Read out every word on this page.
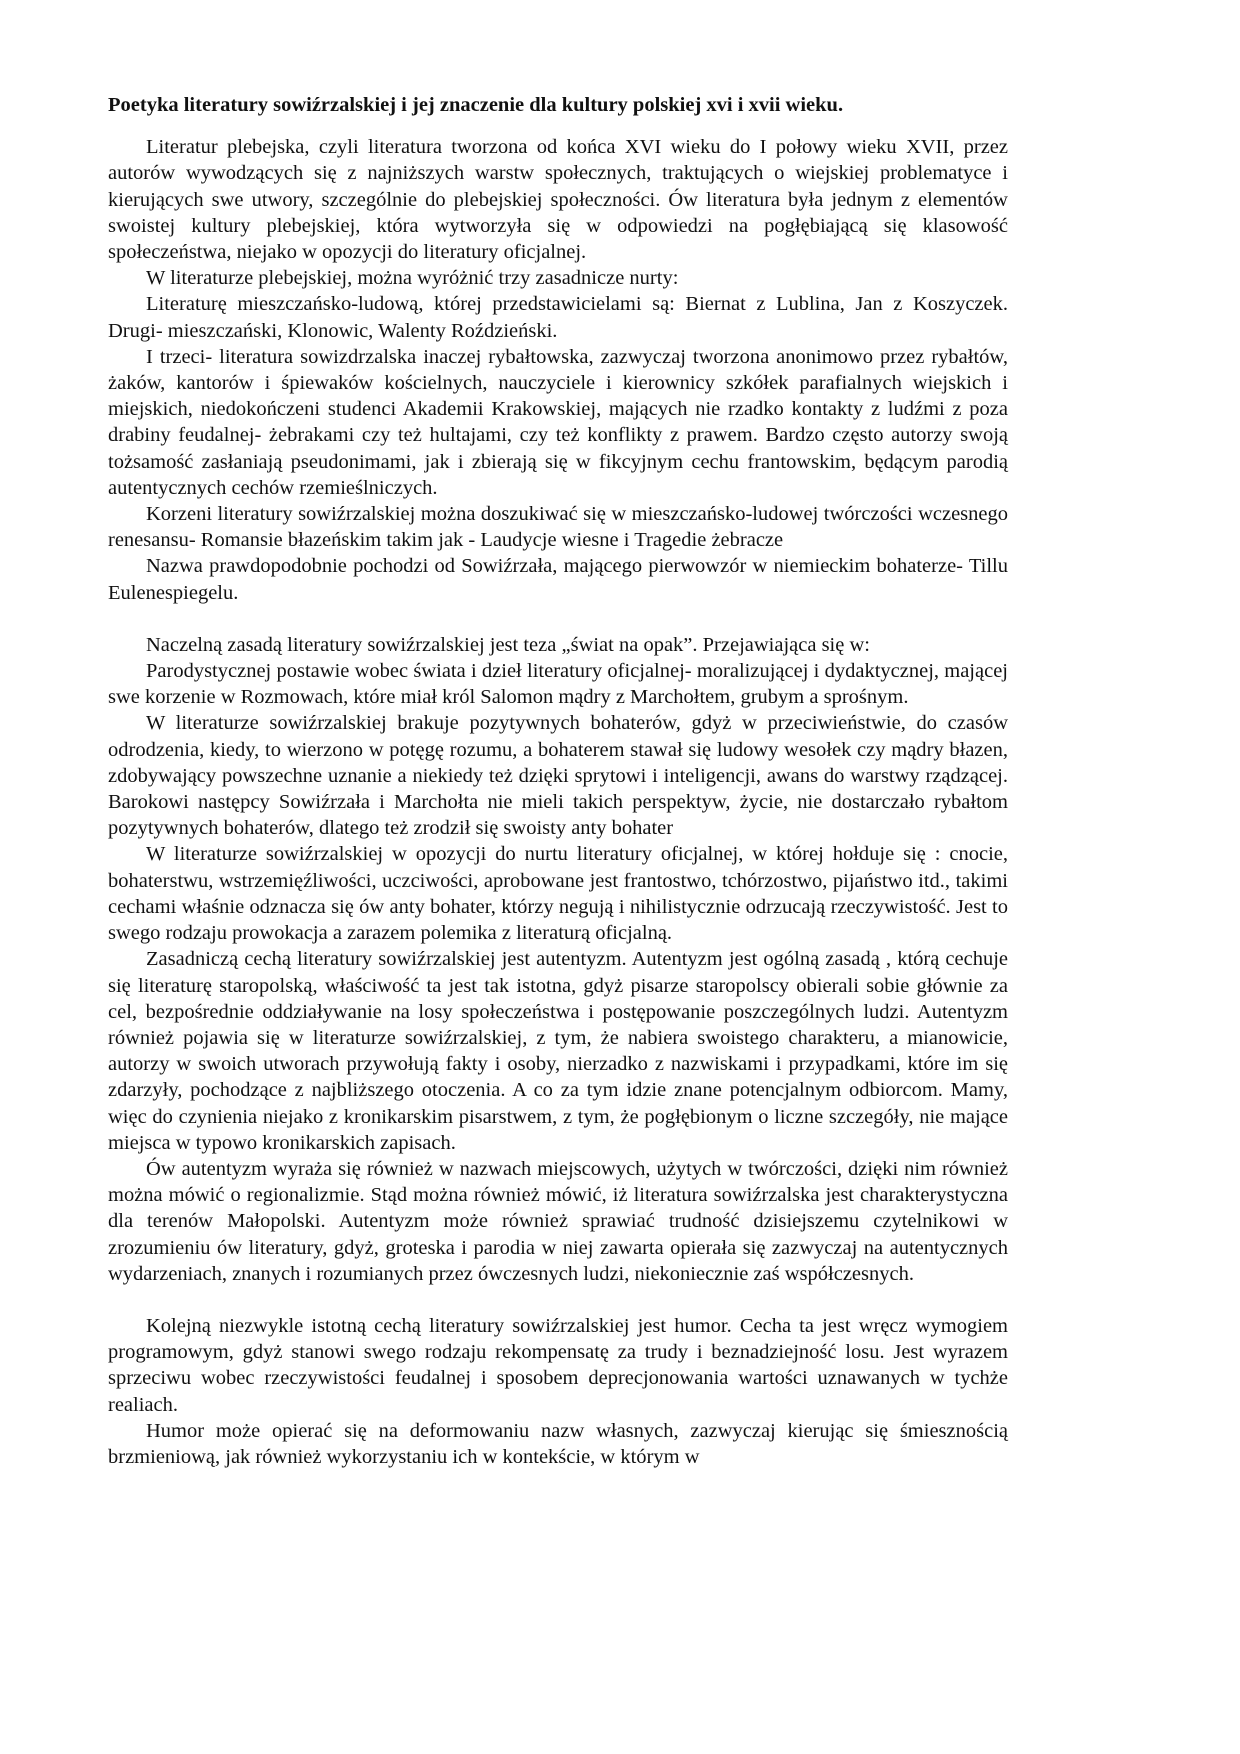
Poetyka literatury sowiźrzalskiej i jej znaczenie dla kultury polskiej xvi i xvii wieku.

Literatur plebejska, czyli literatura tworzona od końca XVI wieku do I połowy wieku XVII, przez autorów wywodzących się z najniższych warstw społecznych, traktujących o wiejskiej problematyce i kierujących swe utwory, szczególnie do plebejskiej społeczności. Ów literatura była jednym z elementów swoistej kultury plebejskiej, która wytworzyła się w odpowiedzi na pogłębiającą się klasowość społeczeństwa, niejako w opozycji do literatury oficjalnej.

W literaturze plebejskiej, można wyróżnić trzy zasadnicze nurty:

Literaturę mieszczańsko-ludową, której przedstawicielami są: Biernat z Lublina, Jan z Koszyczek. Drugi- mieszczański, Klonowic, Walenty Roździeński.

I trzeci- literatura sowizdrzalska inaczej rybałtowska, zazwyczaj tworzona anonimowo przez rybałtów, żaków, kantorów i śpiewaków kościelnych, nauczyciele i kierownicy szkółek parafialnych wiejskich i miejskich, niedokończeni studenci Akademii Krakowskiej, mających nie rzadko kontakty z ludźmi z poza drabiny feudalnej- żebrakami czy też hultajami, czy też konflikty z prawem. Bardzo często autorzy swoją tożsamość zasłaniają pseudonimami, jak i zbierają się w fikcyjnym cechu frantowskim, będącym parodią autentycznych cechów rzemieślniczych.

Korzeni literatury sowiźrzalskiej można doszukiwać się w mieszczańsko-ludowej twórczości wczesnego renesansu- Romansie błazeńskim takim jak - Laudycje wiesne i Tragedie żebracze

Nazwa prawdopodobnie pochodzi od Sowiźrzała, mającego pierwowzór w niemieckim bohaterze- Tillu Eulenespiegelu.

Naczelną zasadą literatury sowiźrzalskiej jest teza „świat na opak”. Przejawiająca się w:

Parodystycznej postawie wobec świata i dzieł literatury oficjalnej- moralizującej i dydaktycznej, mającej swe korzenie w Rozmowach, które miał król Salomon mądry z Marchołtem, grubym a sprośnym.

W literaturze sowiźrzalskiej brakuje pozytywnych bohaterów, gdyż w przeciwieństwie, do czasów odrodzenia, kiedy, to wierzono w potęgę rozumu, a bohaterem stawał się ludowy wesołek czy mądry błazen, zdobywający powszechne uznanie a niekiedy też dzięki sprytowi i inteligencji, awans do warstwy rządzącej. Barokowi następcy Sowiźrzała i Marchołta nie mieli takich perspektyw, życie, nie dostarczało rybałtom pozytywnych bohaterów, dlatego też zrodził się swoisty anty bohater

W literaturze sowiźrzalskiej w opozycji do nurtu literatury oficjalnej, w której hołduje się : cnocie, bohaterstwu, wstrzemięźliwości, uczciwości, aprobowane jest frantostwo, tchórzostwo, pijaństwo itd., takimi cechami właśnie odznacza się ów anty bohater, którzy negują i nihilistycznie odrzucają rzeczywistość. Jest to swego rodzaju prowokacja a zarazem polemika z literaturą oficjalną.

Zasadniczą cechą literatury sowiźrzalskiej jest autentyzm. Autentyzm jest ogólną zasadą , którą cechuje się literaturę staropolską, właściwość ta jest tak istotna, gdyż pisarze staropolscy obierali sobie głównie za cel, bezpośrednie oddziaływanie na losy społeczeństwa i postępowanie poszczególnych ludzi. Autentyzm również pojawia się w literaturze sowiźrzalskiej, z tym, że nabiera swoistego charakteru, a mianowicie, autorzy w swoich utworach przywołują fakty i osoby, nierzadko z nazwiskami i przypadkami, które im się zdarzyły, pochodzące z najbliższego otoczenia. A co za tym idzie znane potencjalnym odbiorcom. Mamy, więc do czynienia niejako z kronikarskim pisarstwem, z tym, że pogłębionym o liczne szczegóły, nie mające miejsca w typowo kronikarskich zapisach.

Ów autentyzm wyraża się również w nazwach miejscowych, użytych w twórczości, dzięki nim również można mówić o regionalizmie. Stąd można również mówić, iż literatura sowiźrzalska jest charakterystyczna dla terenów Małopolski. Autentyzm może również sprawiać trudność dzisiejszemu czytelnikowi w zrozumieniu ów literatury, gdyż, groteska i parodia w niej zawarta opierała się zazwyczaj na autentycznych wydarzeniach, znanych i rozumianych przez ówczesnych ludzi, niekoniecznie zaś współczesnych.

Kolejną niezwykle istotną cechą literatury sowiźrzalskiej jest humor. Cecha ta jest wręcz wymogiem programowym, gdyż stanowi swego rodzaju rekompensatę za trudy i beznadziejność losu. Jest wyrazem sprzeciwu wobec rzeczywistości feudalnej i sposobem deprecjonowania wartości uznawanych w tychże realiach.

Humor może opierać się na deformowaniu nazw własnych, zazwyczaj kierując się śmiesznością brzmieniową, jak również wykorzystaniu ich w kontekście, w którym w
